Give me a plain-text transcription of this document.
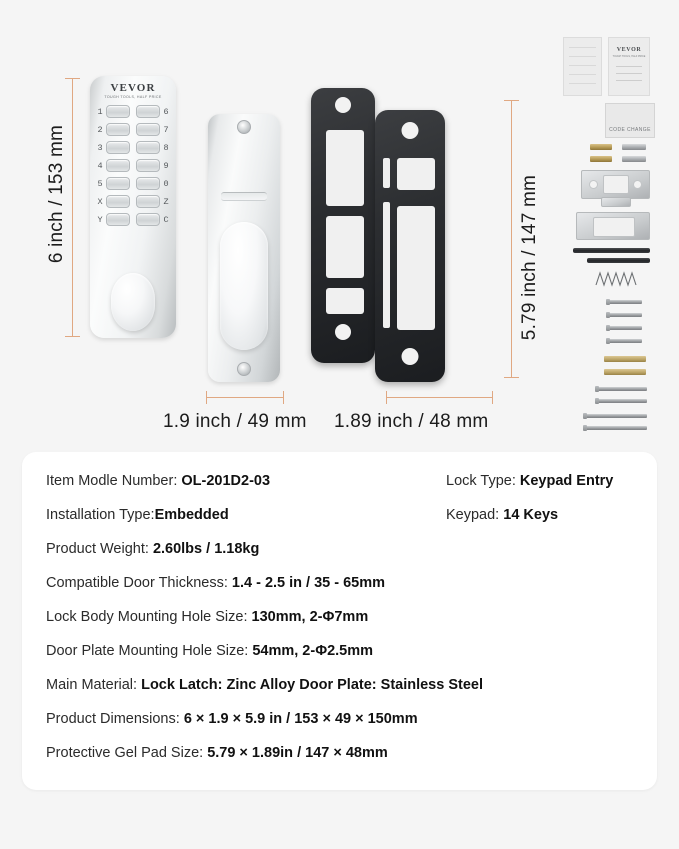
6 inch / 153 mm	5.79 inch / 147 mm
VEVOR
TOUGH TOOLS, HALF PRICE
1	6
2	7
3	8
4	9
5	0
X	Z
Y	C
1.9 inch / 49 mm 1.89 inch / 48 mm
VEVOR
TOUGH TOOLS, HALF PRICE
CODE CHANGE
Item Modle Number: OL-201D2-03	Lock Type: Keypad Entry
Installation Type:Embedded	Keypad: 14 Keys
Product Weight: 2.60lbs / 1.18kg
Compatible Door Thickness: 1.4 - 2.5 in / 35 - 65mm
Lock Body Mounting Hole Size: 130mm, 2-Φ7mm
Door Plate Mounting Hole Size: 54mm, 2-Φ2.5mm
Main Material: Lock Latch: Zinc Alloy Door Plate: Stainless Steel
Product Dimensions: 6 × 1.9 × 5.9 in / 153 × 49 × 150mm
Protective Gel Pad Size: 5.79 × 1.89in / 147 × 48mm
